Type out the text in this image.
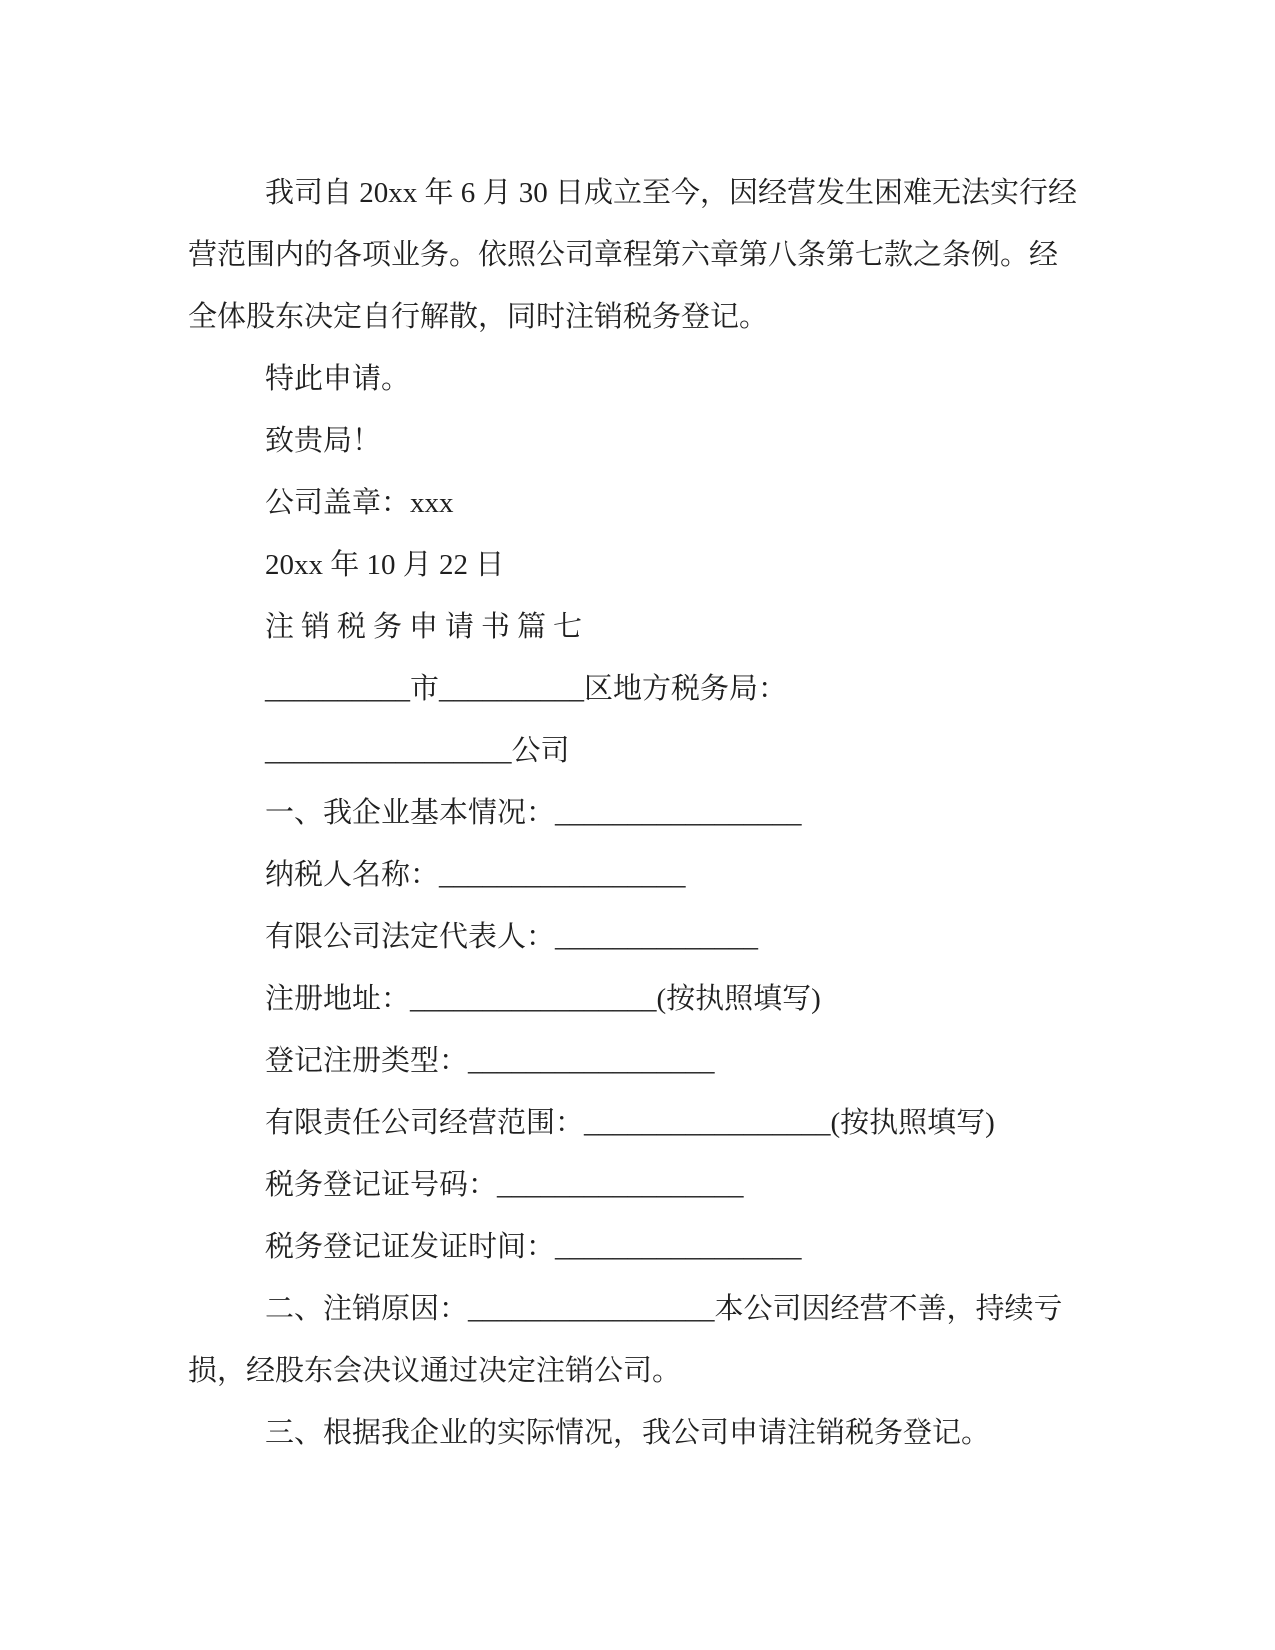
我司自 20xx 年 6 月 30 日成立至今，因经营发生困难无法实行经
营范围内的各项业务。依照公司章程第六章第八条第七款之条例。经
全体股东决定自行解散，同时注销税务登记。
特此申请。
致贵局！
公司盖章：xxx
20xx 年 10 月 22 日
注销税务申请书篇七
__________市__________区地方税务局：
_________________公司
一、我企业基本情况：_________________
纳税人名称：_________________
有限公司法定代表人：______________
注册地址：_________________(按执照填写)
登记注册类型：_________________
有限责任公司经营范围：_________________(按执照填写)
税务登记证号码：_________________
税务登记证发证时间：_________________
二、注销原因：_________________本公司因经营不善，持续亏
损，经股东会决议通过决定注销公司。
三、根据我企业的实际情况，我公司申请注销税务登记。
